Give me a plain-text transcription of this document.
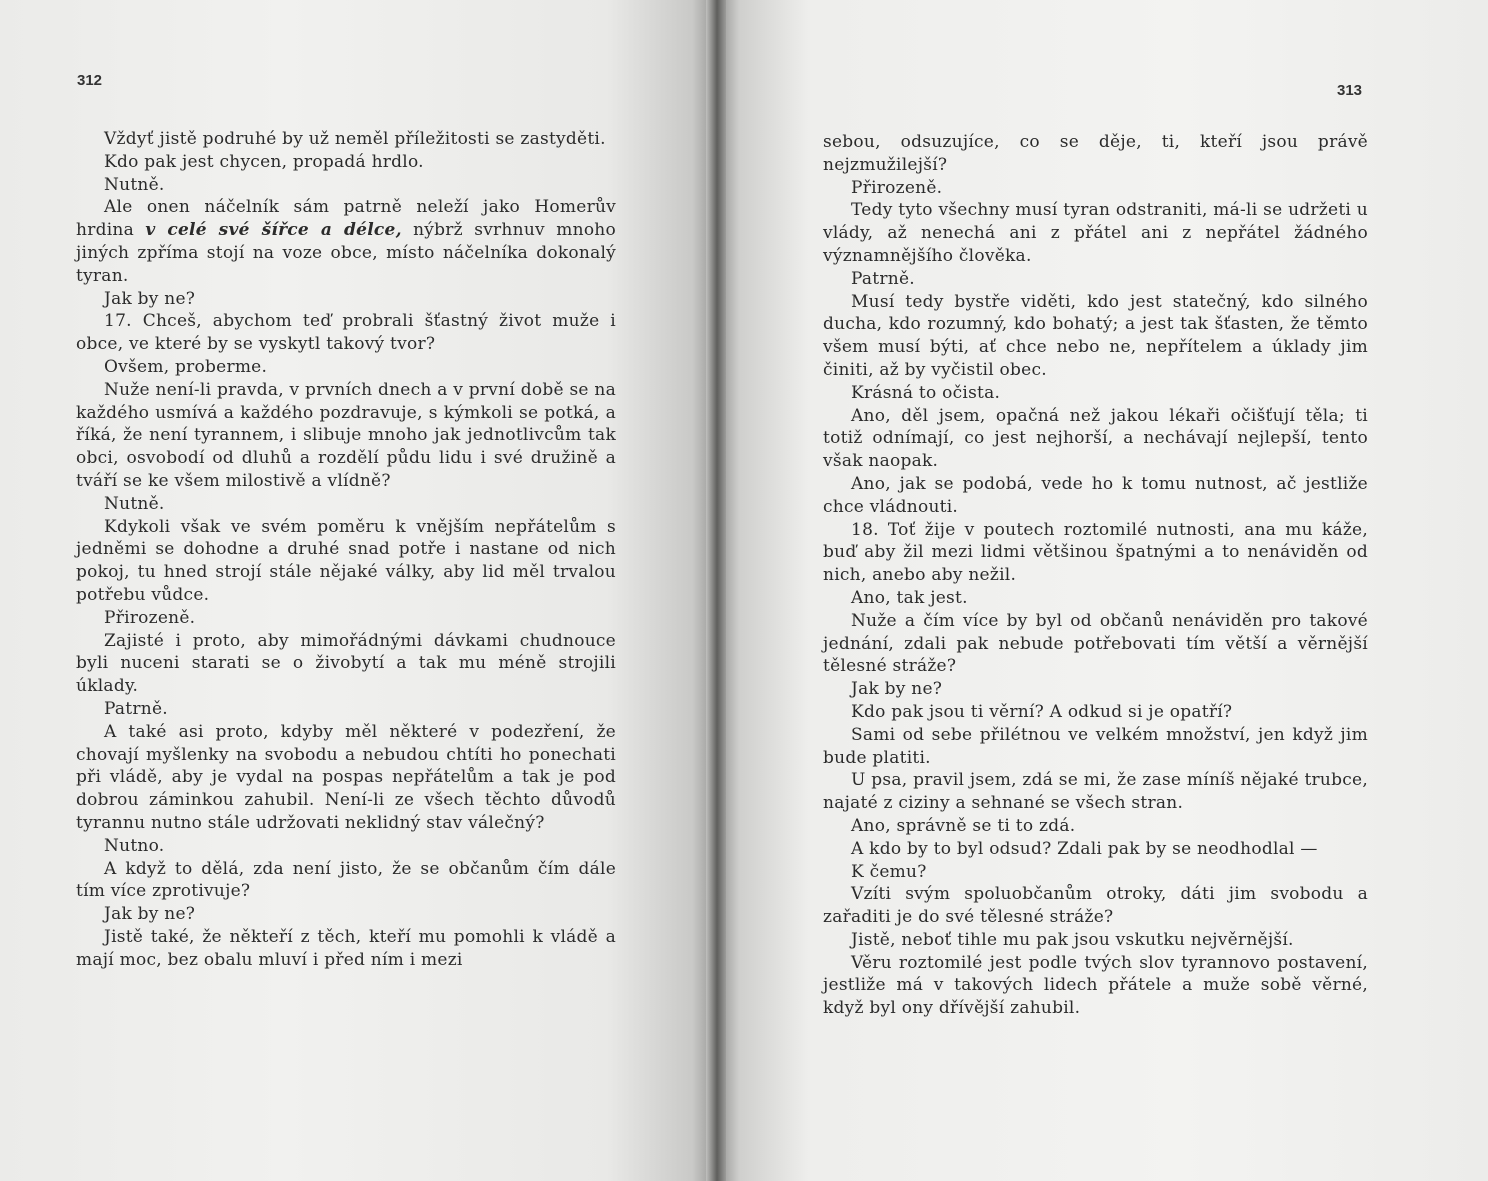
312

Vždyť jistě podruhé by už neměl příležitosti se zastyděti.

Kdo pak jest chycen, propadá hrdlo.

Nutně.

Ale onen náčelník sám patrně neleží jako Homerův hrdina v celé své šířce a délce, nýbrž svrhnuv mnoho jiných zpříma stojí na voze obce, místo náčelníka dokonalý tyran.

Jak by ne?

17. Chceš, abychom teď probrali šťastný život muže i obce, ve které by se vyskytl takový tvor?

Ovšem, proberme.

Nuže není-li pravda, v prvních dnech a v první době se na každého usmívá a každého pozdravuje, s kýmkoli se potká, a říká, že není tyrannem, i slibuje mnoho jak jednotlivcům tak obci, osvobodí od dluhů a rozdělí půdu lidu i své družině a tváří se ke všem milostivě a vlídně?

Nutně.

Kdykoli však ve svém poměru k vnějším nepřátelům s jedněmi se dohodne a druhé snad potře i nastane od nich pokoj, tu hned strojí stále nějaké války, aby lid měl trvalou potřebu vůdce.

Přirozeně.

Zajisté i proto, aby mimořádnými dávkami chudnouce byli nuceni starati se o živobytí a tak mu méně strojili úklady.

Patrně.

A také asi proto, kdyby měl některé v podezření, že chovají myšlenky na svobodu a nebudou chtíti ho ponechati při vládě, aby je vydal na pospas nepřátelům a tak je pod dobrou záminkou zahubil. Není-li ze všech těchto důvodů tyrannu nutno stále udržovati neklidný stav válečný?

Nutno.

A když to dělá, zda není jisto, že se občanům čím dále tím více zprotivuje?

Jak by ne?

Jistě také, že někteří z těch, kteří mu pomohli k vládě a mají moc, bez obalu mluví i před ním i mezi

313

sebou, odsuzujíce, co se děje, ti, kteří jsou právě nejzmužilejší?

Přirozeně.

Tedy tyto všechny musí tyran odstraniti, má-li se udržeti u vlády, až nenechá ani z přátel ani z nepřátel žádného významnějšího člověka.

Patrně.

Musí tedy bystře viděti, kdo jest statečný, kdo silného ducha, kdo rozumný, kdo bohatý; a jest tak šťasten, že těmto všem musí býti, ať chce nebo ne, nepřítelem a úklady jim činiti, až by vyčistil obec.

Krásná to očista.

Ano, děl jsem, opačná než jakou lékaři očišťují těla; ti totiž odnímají, co jest nejhorší, a nechávají nejlepší, tento však naopak.

Ano, jak se podobá, vede ho k tomu nutnost, ač jestliže chce vládnouti.

18. Toť žije v poutech roztomilé nutnosti, ana mu káže, buď aby žil mezi lidmi většinou špatnými a to nenáviděn od nich, anebo aby nežil.

Ano, tak jest.

Nuže a čím více by byl od občanů nenáviděn pro takové jednání, zdali pak nebude potřebovati tím větší a věrnější tělesné stráže?

Jak by ne?

Kdo pak jsou ti věrní? A odkud si je opatří?

Sami od sebe přilétnou ve velkém množství, jen když jim bude platiti.

U psa, pravil jsem, zdá se mi, že zase míníš nějaké trubce, najaté z ciziny a sehnané se všech stran.

Ano, správně se ti to zdá.

A kdo by to byl odsud? Zdali pak by se neodhodlal —

K čemu?

Vzíti svým spoluobčanům otroky, dáti jim svobodu a zařaditi je do své tělesné stráže?

Jistě, neboť tihle mu pak jsou vskutku nejvěrnější.

Věru roztomilé jest podle tvých slov tyrannovo postavení, jestliže má v takových lidech přátele a muže sobě věrné, když byl ony dřívější zahubil.
